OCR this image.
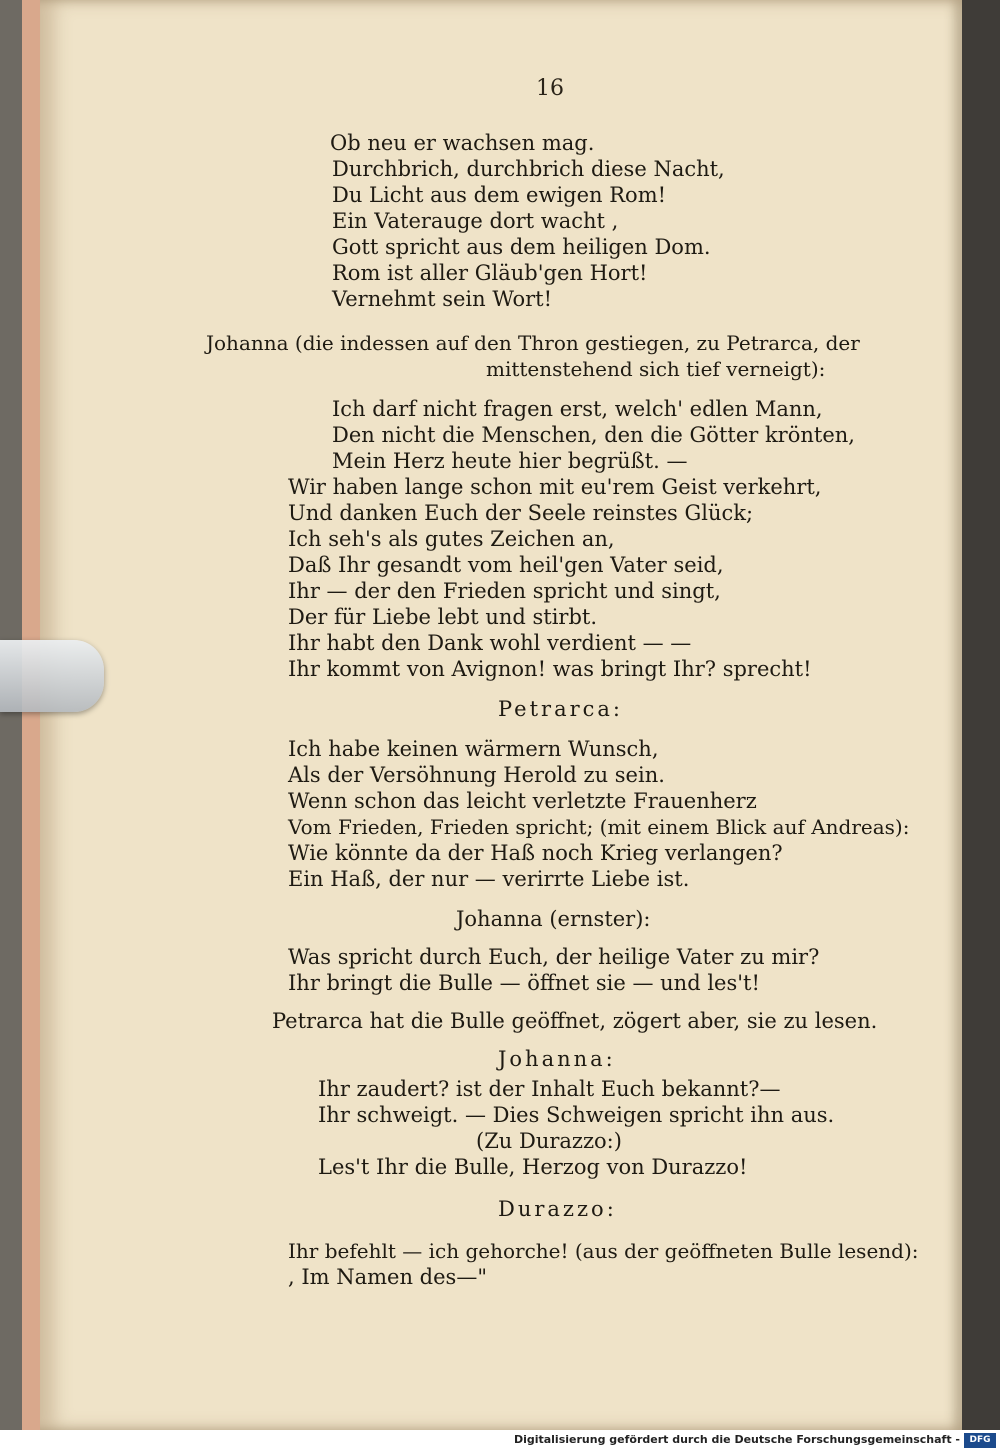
16
Ob neu er wachsen mag.
Durchbrich, durchbrich diese Nacht,
Du Licht aus dem ewigen Rom!
Ein Vaterauge dort wacht ,
Gott spricht aus dem heiligen Dom.
Rom ist aller Gläub'gen Hort!
Vernehmt sein Wort!
Johanna (die indessen auf den Thron gestiegen, zu Petrarca, der
mittenstehend sich tief verneigt):
Ich darf nicht fragen erst, welch' edlen Mann,
Den nicht die Menschen, den die Götter krönten,
Mein Herz heute hier begrüßt. —
Wir haben lange schon mit eu'rem Geist verkehrt,
Und danken Euch der Seele reinstes Glück;
Ich seh's als gutes Zeichen an,
Daß Ihr gesandt vom heil'gen Vater seid,
Ihr — der den Frieden spricht und singt,
Der für Liebe lebt und stirbt.
Ihr habt den Dank wohl verdient — —
Ihr kommt von Avignon! was bringt Ihr? sprecht!
Petrarca:
Ich habe keinen wärmern Wunsch,
Als der Versöhnung Herold zu sein.
Wenn schon das leicht verletzte Frauenherz
Vom Frieden, Frieden spricht; (mit einem Blick auf Andreas):
Wie könnte da der Haß noch Krieg verlangen?
Ein Haß, der nur — verirrte Liebe ist.
Johanna (ernster):
Was spricht durch Euch, der heilige Vater zu mir?
Ihr bringt die Bulle — öffnet sie — und les't!
Petrarca hat die Bulle geöffnet, zögert aber, sie zu lesen.
Johanna:
Ihr zaudert? ist der Inhalt Euch bekannt?—
Ihr schweigt. — Dies Schweigen spricht ihn aus.
(Zu Durazzo:)
Les't Ihr die Bulle, Herzog von Durazzo!
Durazzo:
Ihr befehlt — ich gehorche! (aus der geöffneten Bulle lesend):
, Im Namen des—"
Digitalisierung gefördert durch die Deutsche Forschungsgemeinschaft -	DFG
